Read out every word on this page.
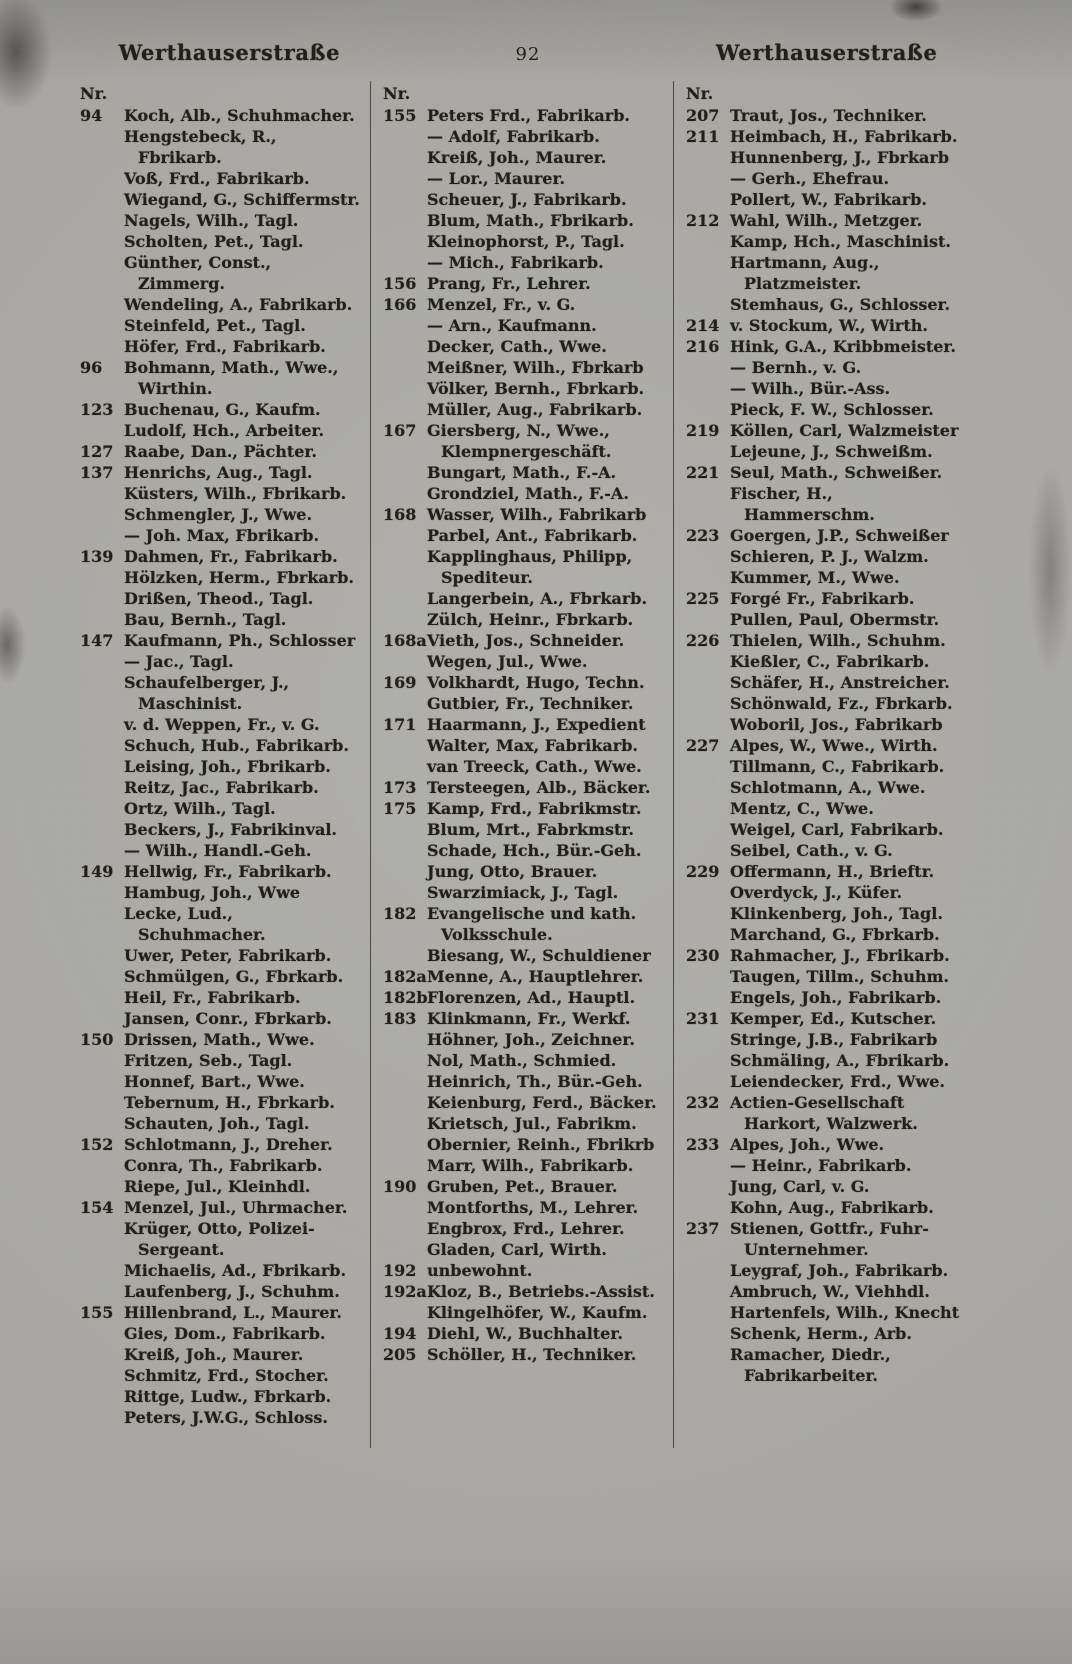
Werthauserstraße	92	Werthauserstraße
Nr.
94 Koch, Alb., Schuhmacher.
Hengstebeck, R., Fbrikarb.
Voß, Frd., Fabrikarb.
Wiegand, G., Schiffermstr.
Nagels, Wilh., Tagl.
Scholten, Pet., Tagl.
Günther, Const., Zimmerg.
Wendeling, A., Fabrikarb.
Steinfeld, Pet., Tagl.
Höfer, Frd., Fabrikarb.
96 Bohmann, Math., Wwe., Wirthin.
123 Buchenau, G., Kaufm.
Ludolf, Hch., Arbeiter.
127 Raabe, Dan., Pächter.
137 Henrichs, Aug., Tagl.
Küsters, Wilh., Fbrikarb.
Schmengler, J., Wwe.
— Joh. Max, Fbrikarb.
139 Dahmen, Fr., Fabrikarb.
Hölzken, Herm., Fbrkarb.
Drißen, Theod., Tagl.
Bau, Bernh., Tagl.
147 Kaufmann, Ph., Schlosser
— Jac., Tagl.
Schaufelberger, J., Maschinist.
v. d. Weppen, Fr., v. G.
Schuch, Hub., Fabrikarb.
Leising, Joh., Fbrikarb.
Reitz, Jac., Fabrikarb.
Ortz, Wilh., Tagl.
Beckers, J., Fabrikinval.
— Wilh., Handl.-Geh.
149 Hellwig, Fr., Fabrikarb.
Hambug, Joh., Wwe
Lecke, Lud., Schuhmacher.
Uwer, Peter, Fabrikarb.
Schmülgen, G., Fbrkarb.
Heil, Fr., Fabrikarb.
Jansen, Conr., Fbrkarb.
150 Drissen, Math., Wwe.
Fritzen, Seb., Tagl.
Honnef, Bart., Wwe.
Tebernum, H., Fbrkarb.
Schauten, Joh., Tagl.
152 Schlotmann, J., Dreher.
Conra, Th., Fabrikarb.
Riepe, Jul., Kleinhdl.
154 Menzel, Jul., Uhrmacher.
Krüger, Otto, Polizei-Sergeant.
Michaelis, Ad., Fbrikarb.
Laufenberg, J., Schuhm.
155 Hillenbrand, L., Maurer.
Gies, Dom., Fabrikarb.
Kreiß, Joh., Maurer.
Schmitz, Frd., Stocher.
Rittge, Ludw., Fbrkarb.
Peters, J.W.G., Schloss.
Nr.
155 Peters Frd., Fabrikarb.
— Adolf, Fabrikarb.
Kreiß, Joh., Maurer.
— Lor., Maurer.
Scheuer, J., Fabrikarb.
Blum, Math., Fbrikarb.
Kleinophorst, P., Tagl.
— Mich., Fabrikarb.
156 Prang, Fr., Lehrer.
166 Menzel, Fr., v. G.
— Arn., Kaufmann.
Decker, Cath., Wwe.
Meißner, Wilh., Fbrkarb
Völker, Bernh., Fbrkarb.
Müller, Aug., Fabrikarb.
167 Giersberg, N., Wwe., Klempnergeschäft.
Bungart, Math., F.-A.
Grondziel, Math., F.-A.
168 Wasser, Wilh., Fabrikarb
Parbel, Ant., Fabrikarb.
Kapplinghaus, Philipp, Spediteur.
Langerbein, A., Fbrkarb.
Zülch, Heinr., Fbrkarb.
168aVieth, Jos., Schneider.
Wegen, Jul., Wwe.
169 Volkhardt, Hugo, Techn.
Gutbier, Fr., Techniker.
171 Haarmann, J., Expedient
Walter, Max, Fabrikarb.
van Treeck, Cath., Wwe.
173 Tersteegen, Alb., Bäcker.
175 Kamp, Frd., Fabrikmstr.
Blum, Mrt., Fabrkmstr.
Schade, Hch., Bür.-Geh.
Jung, Otto, Brauer.
Swarzimiack, J., Tagl.
182 Evangelische und kath. Volksschule.
Biesang, W., Schuldiener
182aMenne, A., Hauptlehrer.
182bFlorenzen, Ad., Hauptl.
183 Klinkmann, Fr., Werkf.
Höhner, Joh., Zeichner.
Nol, Math., Schmied.
Heinrich, Th., Bür.-Geh.
Keienburg, Ferd., Bäcker.
Krietsch, Jul., Fabrikm.
Obernier, Reinh., Fbrikrb
Marr, Wilh., Fabrikarb.
190 Gruben, Pet., Brauer.
Montforths, M., Lehrer.
Engbrox, Frd., Lehrer.
Gladen, Carl, Wirth.
192 unbewohnt.
192aKloz, B., Betriebs.-Assist.
Klingelhöfer, W., Kaufm.
194 Diehl, W., Buchhalter.
205 Schöller, H., Techniker.
Nr.
207 Traut, Jos., Techniker.
211 Heimbach, H., Fabrikarb.
Hunnenberg, J., Fbrkarb
— Gerh., Ehefrau.
Pollert, W., Fabrikarb.
212 Wahl, Wilh., Metzger.
Kamp, Hch., Maschinist.
Hartmann, Aug., Platzmeister.
Stemhaus, G., Schlosser.
214 v. Stockum, W., Wirth.
216 Hink, G.A., Kribbmeister.
— Bernh., v. G.
— Wilh., Bür.-Ass.
Pieck, F. W., Schlosser.
219 Köllen, Carl, Walzmeister
Lejeune, J., Schweißm.
221 Seul, Math., Schweißer.
Fischer, H., Hammerschm.
223 Goergen, J.P., Schweißer
Schieren, P. J., Walzm.
Kummer, M., Wwe.
225 Forgé Fr., Fabrikarb.
Pullen, Paul, Obermstr.
226 Thielen, Wilh., Schuhm.
Kießler, C., Fabrikarb.
Schäfer, H., Anstreicher.
Schönwald, Fz., Fbrkarb.
Woboril, Jos., Fabrikarb
227 Alpes, W., Wwe., Wirth.
Tillmann, C., Fabrikarb.
Schlotmann, A., Wwe.
Mentz, C., Wwe.
Weigel, Carl, Fabrikarb.
Seibel, Cath., v. G.
229 Offermann, H., Brieftr.
Overdyck, J., Küfer.
Klinkenberg, Joh., Tagl.
Marchand, G., Fbrkarb.
230 Rahmacher, J., Fbrikarb.
Taugen, Tillm., Schuhm.
Engels, Joh., Fabrikarb.
231 Kemper, Ed., Kutscher.
Stringe, J.B., Fabrikarb
Schmäling, A., Fbrikarb.
Leiendecker, Frd., Wwe.
232 Actien-Gesellschaft Harkort, Walzwerk.
233 Alpes, Joh., Wwe.
— Heinr., Fabrikarb.
Jung, Carl, v. G.
Kohn, Aug., Fabrikarb.
237 Stienen, Gottfr., Fuhr-Unternehmer.
Leygraf, Joh., Fabrikarb.
Ambruch, W., Viehhdl.
Hartenfels, Wilh., Knecht
Schenk, Herm., Arb.
Ramacher, Diedr., Fabrikarbeiter.
